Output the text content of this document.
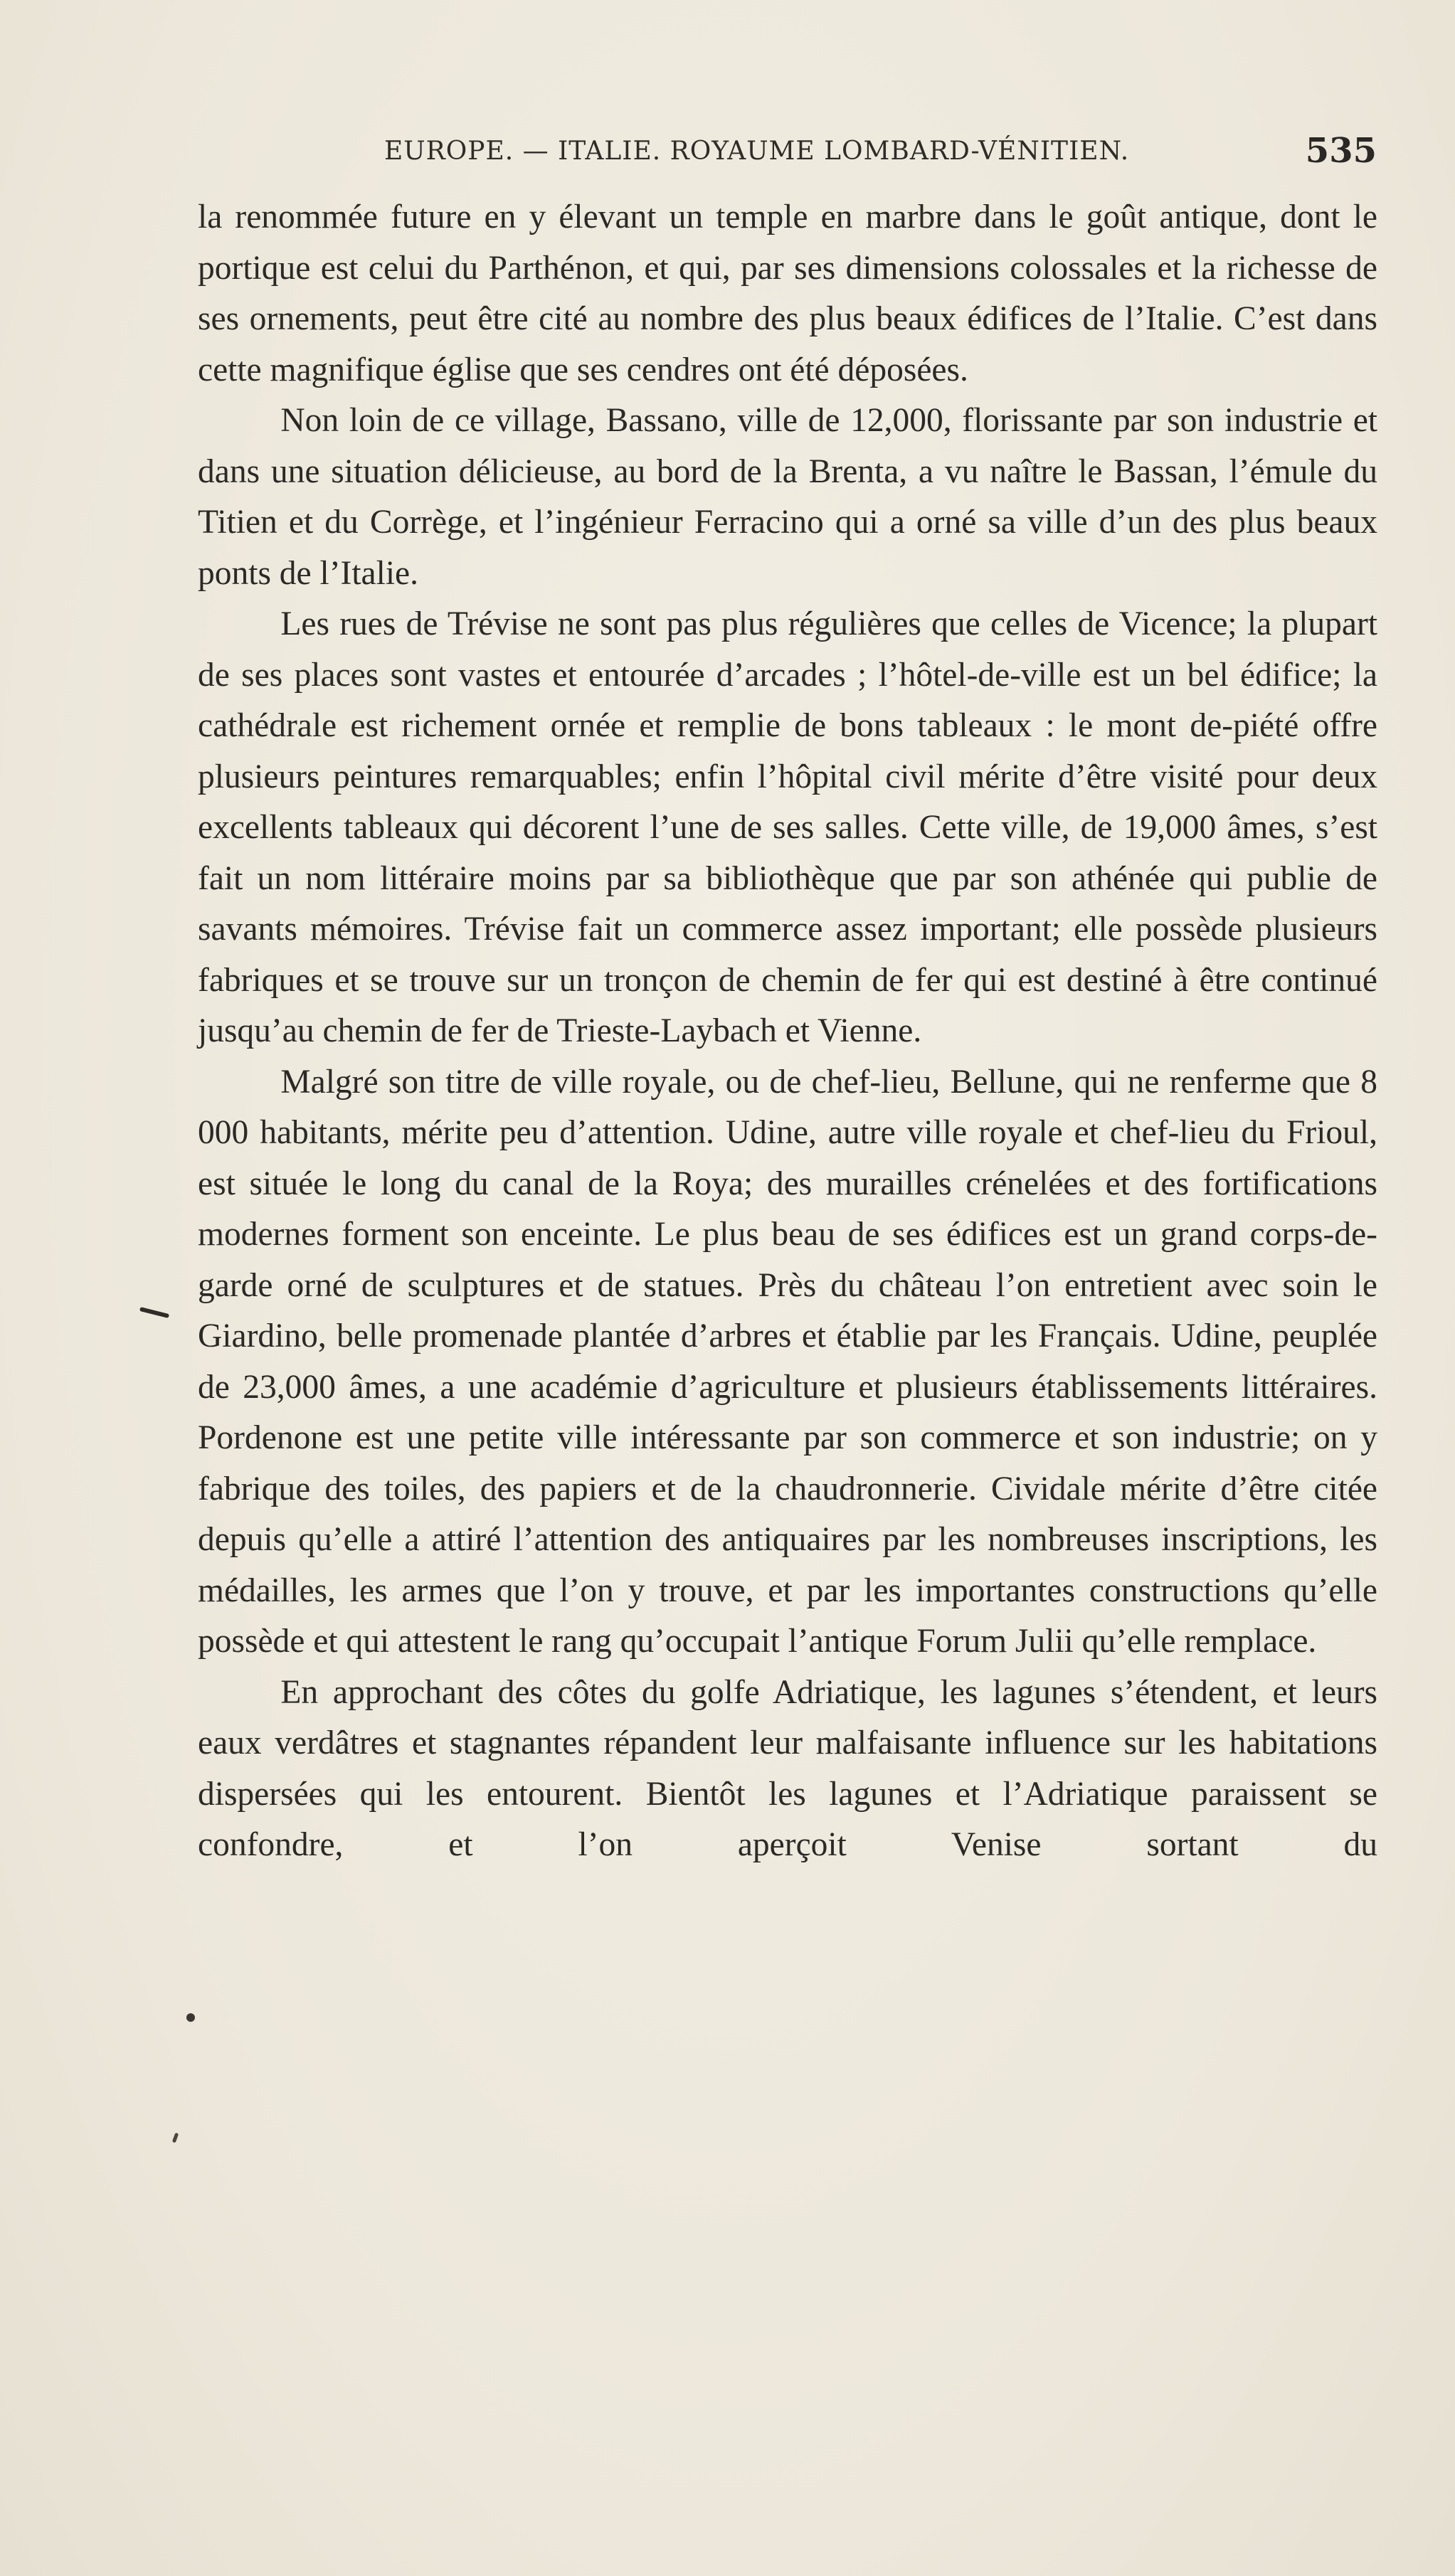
EUROPE. — ITALIE. ROYAUME LOMBARD-VÉNITIEN.	535

la renommée future en y élevant un temple en marbre dans le goût antique, dont le portique est celui du Parthénon, et qui, par ses dimensions colossales et la richesse de ses ornements, peut être cité au nombre des plus beaux édifices de l’Italie. C’est dans cette magnifique église que ses cendres ont été déposées.

Non loin de ce village, Bassano, ville de 12,000, florissante par son industrie et dans une situation délicieuse, au bord de la Brenta, a vu naître le Bassan, l’émule du Titien et du Corrège, et l’ingénieur Ferracino qui a orné sa ville d’un des plus beaux ponts de l’Italie.

Les rues de Trévise ne sont pas plus régulières que celles de Vicence; la plupart de ses places sont vastes et entourée d’arcades ; l’hôtel-de-ville est un bel édifice; la cathédrale est richement ornée et remplie de bons tableaux : le mont de-piété offre plusieurs peintures remarquables; enfin l’hôpital civil mérite d’être visité pour deux excellents tableaux qui décorent l’une de ses salles. Cette ville, de 19,000 âmes, s’est fait un nom littéraire moins par sa bibliothèque que par son athénée qui publie de savants mémoires. Trévise fait un commerce assez important; elle possède plusieurs fabriques et se trouve sur un tronçon de chemin de fer qui est destiné à être continué jusqu’au chemin de fer de Trieste-Laybach et Vienne.

Malgré son titre de ville royale, ou de chef-lieu, Bellune, qui ne renferme que 8 000 habitants, mérite peu d’attention. Udine, autre ville royale et chef-lieu du Frioul, est située le long du canal de la Roya; des murailles crénelées et des fortifications modernes forment son enceinte. Le plus beau de ses édifices est un grand corps-de-garde orné de sculptures et de statues. Près du château l’on entretient avec soin le Giardino, belle promenade plantée d’arbres et établie par les Français. Udine, peuplée de 23,000 âmes, a une académie d’agriculture et plusieurs établissements littéraires. Pordenone est une petite ville intéressante par son commerce et son industrie; on y fabrique des toiles, des papiers et de la chaudronnerie. Cividale mérite d’être citée depuis qu’elle a attiré l’attention des antiquaires par les nombreuses inscriptions, les médailles, les armes que l’on y trouve, et par les importantes constructions qu’elle possède et qui attestent le rang qu’occupait l’antique Forum Julii qu’elle remplace.

En approchant des côtes du golfe Adriatique, les lagunes s’étendent, et leurs eaux verdâtres et stagnantes répandent leur malfaisante influence sur les habitations dispersées qui les entourent. Bientôt les lagunes et l’Adriatique paraissent se confondre, et l’on aperçoit Venise sortant du
